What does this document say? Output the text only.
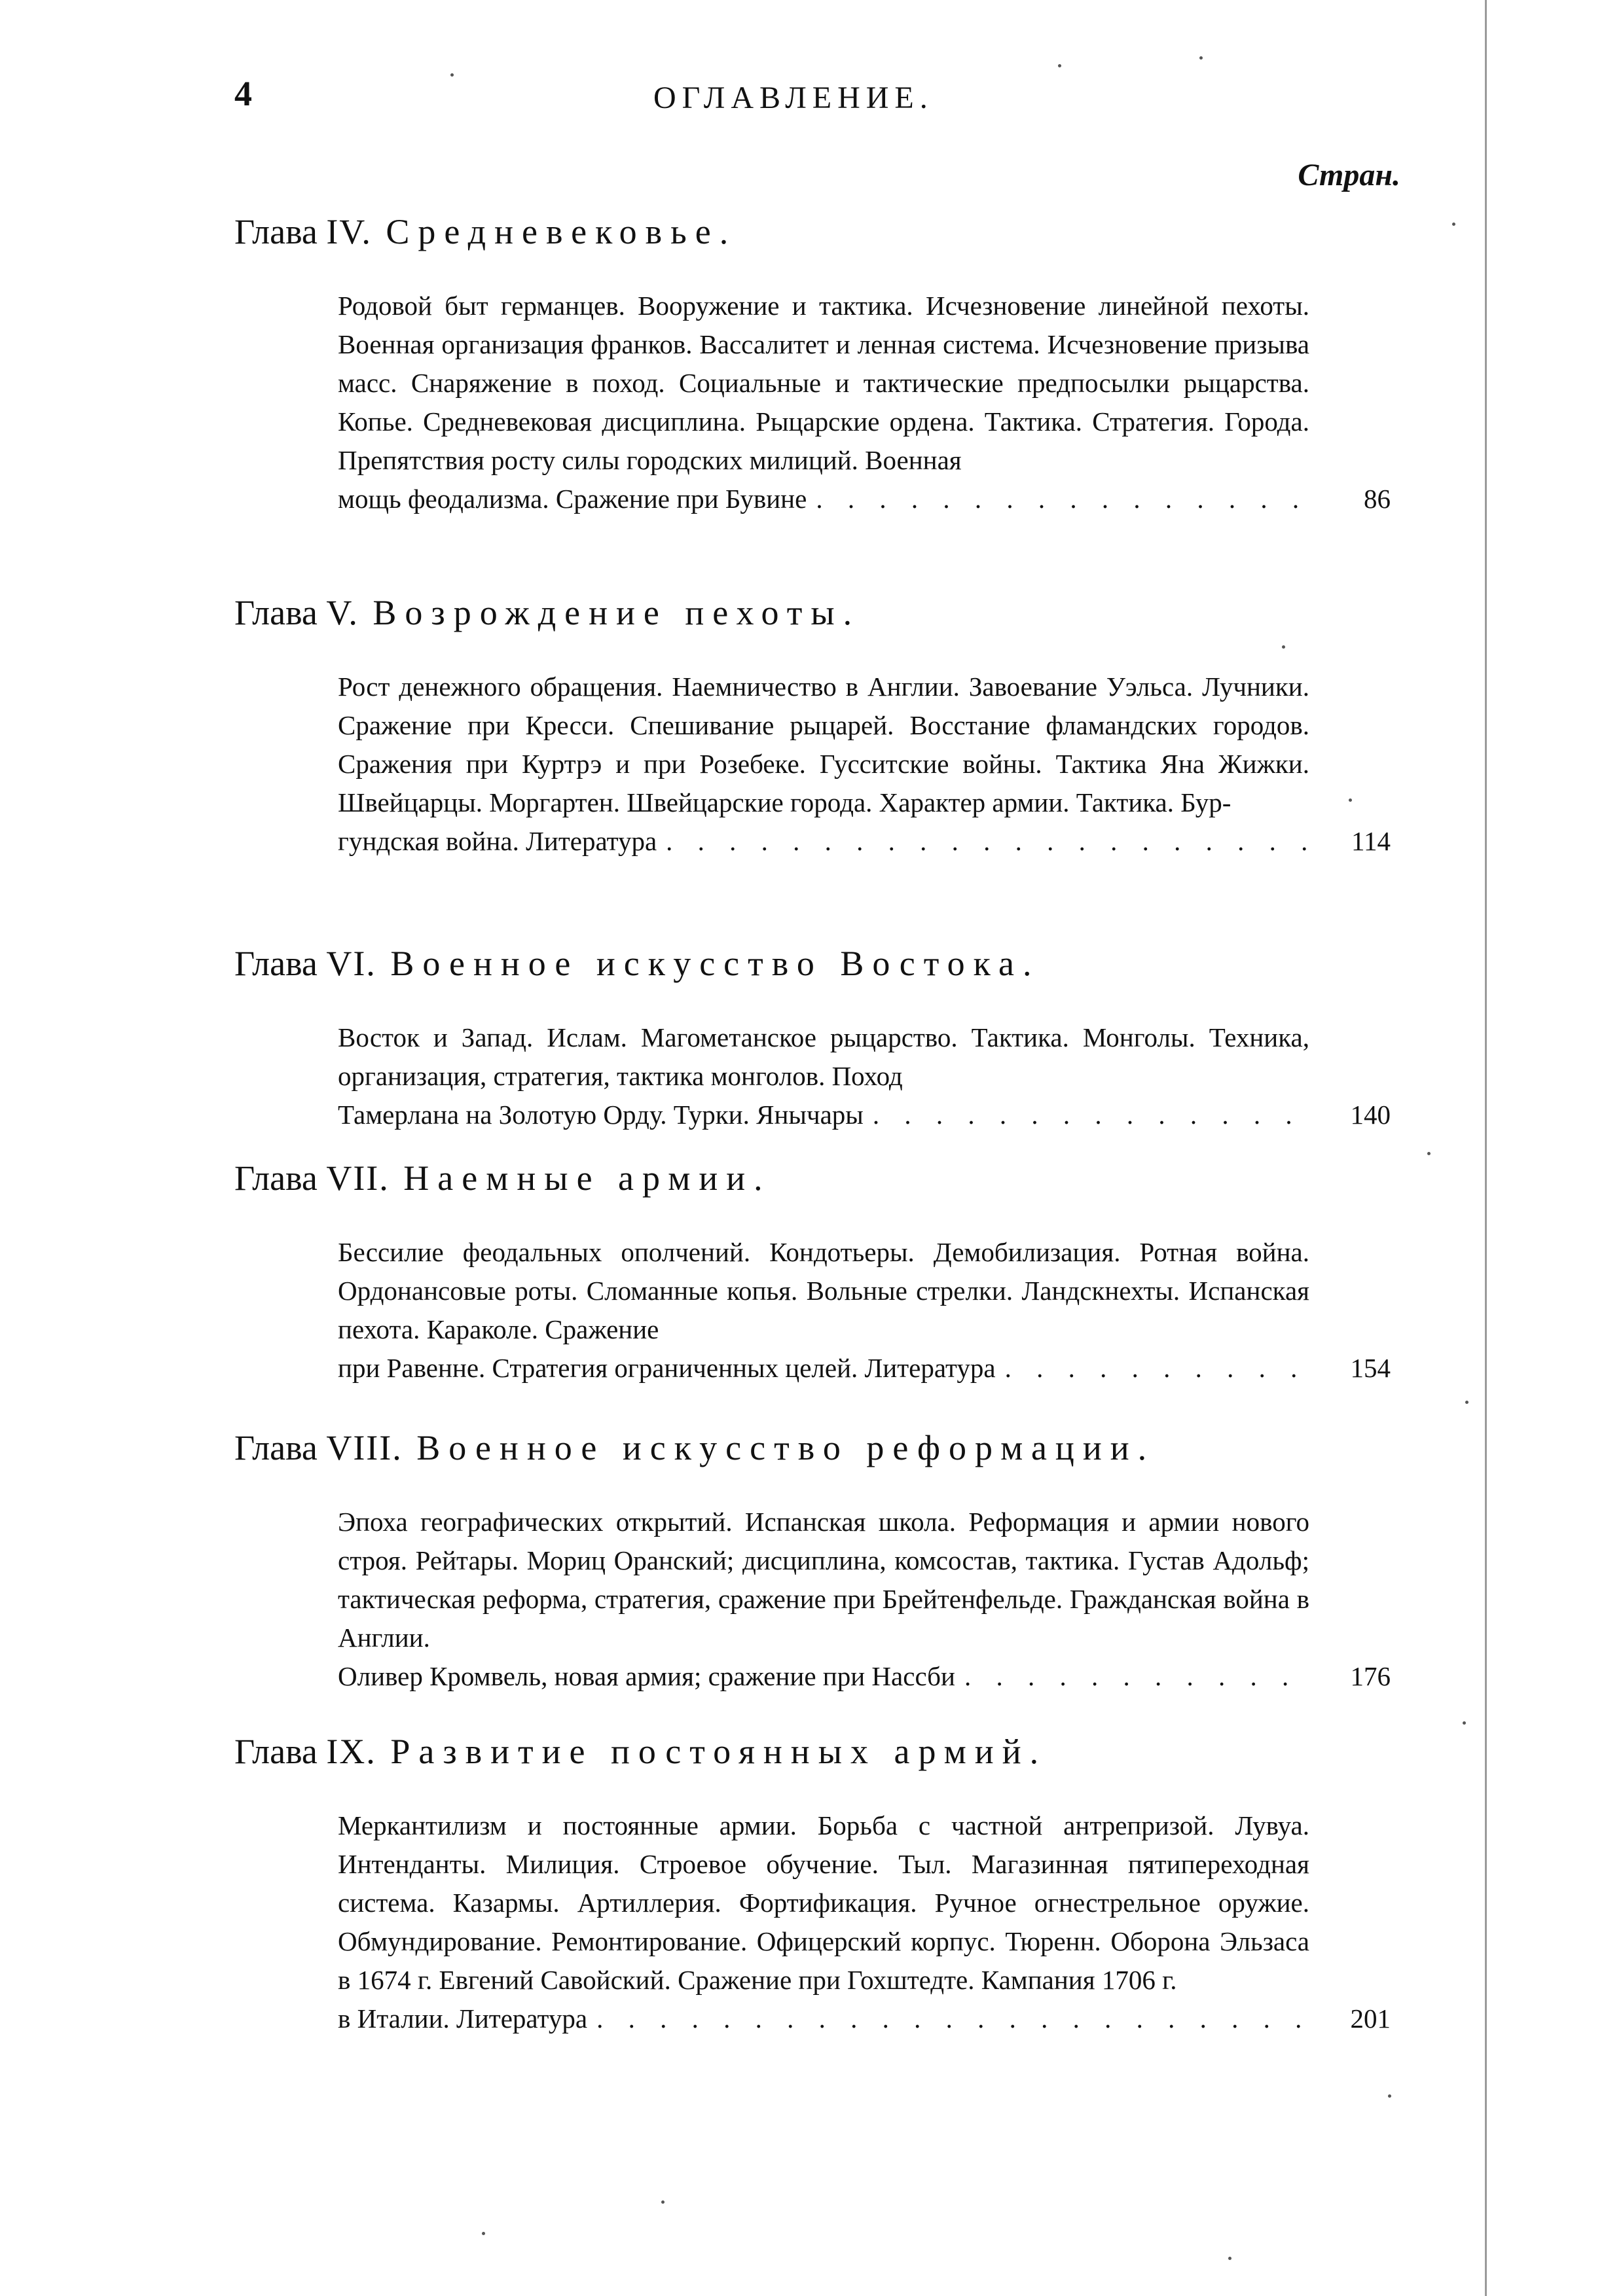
4	ОГЛАВЛЕНИЕ.
Стран.
Глава IV. Средневековье.
Родовой быт германцев. Вооружение и тактика. Исчезновение линейной пехоты. Военная организация франков. Вассалитет и ленная система. Исчезновение призыва масс. Снаряжение в поход. Социальные и тактические предпосылки рыцарства. Копье. Средневековая дисциплина. Рыцарские ордена. Тактика. Стратегия. Города. Препятствия росту силы городских милиций. Военная
мощь феодализма. Сражение при Бувине . . .	86
Глава V. Возрождение пехоты.
Рост денежного обращения. Наемничество в Англии. Завоевание Уэльса. Лучники. Сражение при Кресси. Спешивание рыцарей. Восстание фламандских городов. Сражения при Куртрэ и при Розебеке. Гусситские войны. Тактика Яна Жижки. Швейцарцы. Моргартен. Швейцарские города. Характер армии. Тактика. Бур-
гундская война. Литература . . .	114
Глава VI. Военное искусство Востока.
Восток и Запад. Ислам. Магометанское рыцарство. Тактика. Монголы. Техника, организация, стратегия, тактика монголов. Поход
Тамерлана на Золотую Орду. Турки. Янычары . . .	140
Глава VII. Наемные армии.
Бессилие феодальных ополчений. Кондотьеры. Демобилизация. Ротная война. Ордонансовые роты. Сломанные копья. Вольные стрелки. Ландскнехты. Испанская пехота. Караколе. Сражение
при Равенне. Стратегия ограниченных целей. Литература . . .	154
Глава VIII. Военное искусство реформации.
Эпоха географических открытий. Испанская школа. Реформация и армии нового строя. Рейтары. Мориц Оранский; дисциплина, комсостав, тактика. Густав Адольф; тактическая реформа, стратегия, сражение при Брейтенфельде. Гражданская война в Англии.
Оливер Кромвель, новая армия; сражение при Нассби . . .	176
Глава IX. Развитие постоянных армий.
Меркантилизм и постоянные армии. Борьба с частной антрепризой. Лувуа. Интенданты. Милиция. Строевое обучение. Тыл. Магазинная пятипереходная система. Казармы. Артиллерия. Фортификация. Ручное огнестрельное оружие. Обмундирование. Ремонтирование. Офицерский корпус. Тюренн. Оборона Эльзаса в 1674 г. Евгений Савойский. Сражение при Гохштедте. Кампания 1706 г.
в Италии. Литература . . .	201
